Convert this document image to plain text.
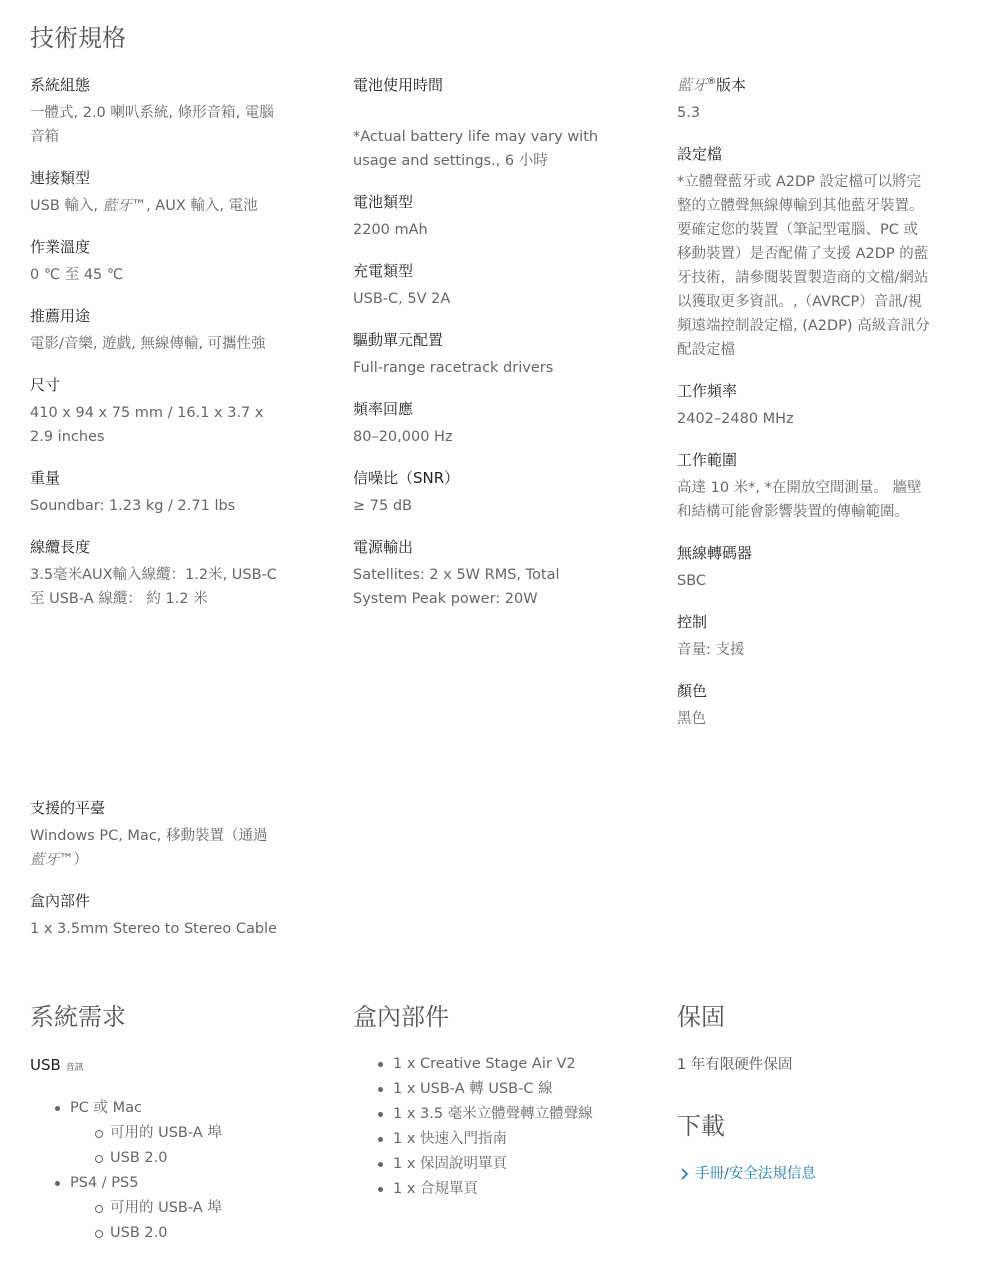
技術規格
系統組態
一體式, 2.0 喇叭系統, 條形音箱, 電腦音箱
連接類型
USB 輸入, 藍牙™, AUX 輸入, 電池
作業溫度
0 ℃ 至 45 ℃
推薦用途
電影/音樂, 遊戲, 無線傳輸, 可攜性強
尺寸
410 x 94 x 75 mm / 16.1 x 3.7 x 2.9 inches
重量
Soundbar: 1.23 kg / 2.71 lbs
線纜長度
3.5毫米AUX輸入線纜：1.2米, USB-C 至 USB-A 線纜： 約 1.2 米
電池使用時間
*Actual battery life may vary with usage and settings., 6 小時
電池類型
2200 mAh
充電類型
USB-C, 5V 2A
驅動單元配置
Full-range racetrack drivers
頻率回應
80–20,000 Hz
信噪比（SNR）
≥ 75 dB
電源輸出
Satellites: 2 x 5W RMS, Total System Peak power: 20W
藍牙®版本
5.3
設定檔
*立體聲藍牙或 A2DP 設定檔可以將完整的立體聲無線傳輸到其他藍牙裝置。 要確定您的裝置（筆記型電腦、PC 或移動裝置）是否配備了支援 A2DP 的藍牙技術，請參閱裝置製造商的文檔/網站以獲取更多資訊。,（AVRCP）音訊/視頻遠端控制設定檔, (A2DP) 高級音訊分配設定檔
工作頻率
2402–2480 MHz
工作範圍
高達 10 米*, *在開放空間測量。 牆壁和結構可能會影響裝置的傳輸範圍。
無線轉碼器
SBC
控制
音量: 支援
顏色
黑色
支援的平臺
Windows PC, Mac, 移動裝置（通過 藍牙™）
盒內部件
1 x 3.5mm Stereo to Stereo Cable
系統需求	盒內部件	保固
下載
USB 音訊
PC 或 Mac
可用的 USB-A 埠
USB 2.0
PS4 / PS5
可用的 USB-A 埠
USB 2.0
1 x Creative Stage Air V2
1 x USB-A 轉 USB-C 線
1 x 3.5 毫米立體聲轉立體聲線
1 x 快速入門指南
1 x 保固說明單頁
1 x 合規單頁
1 年有限硬件保固
手冊/安全法規信息
